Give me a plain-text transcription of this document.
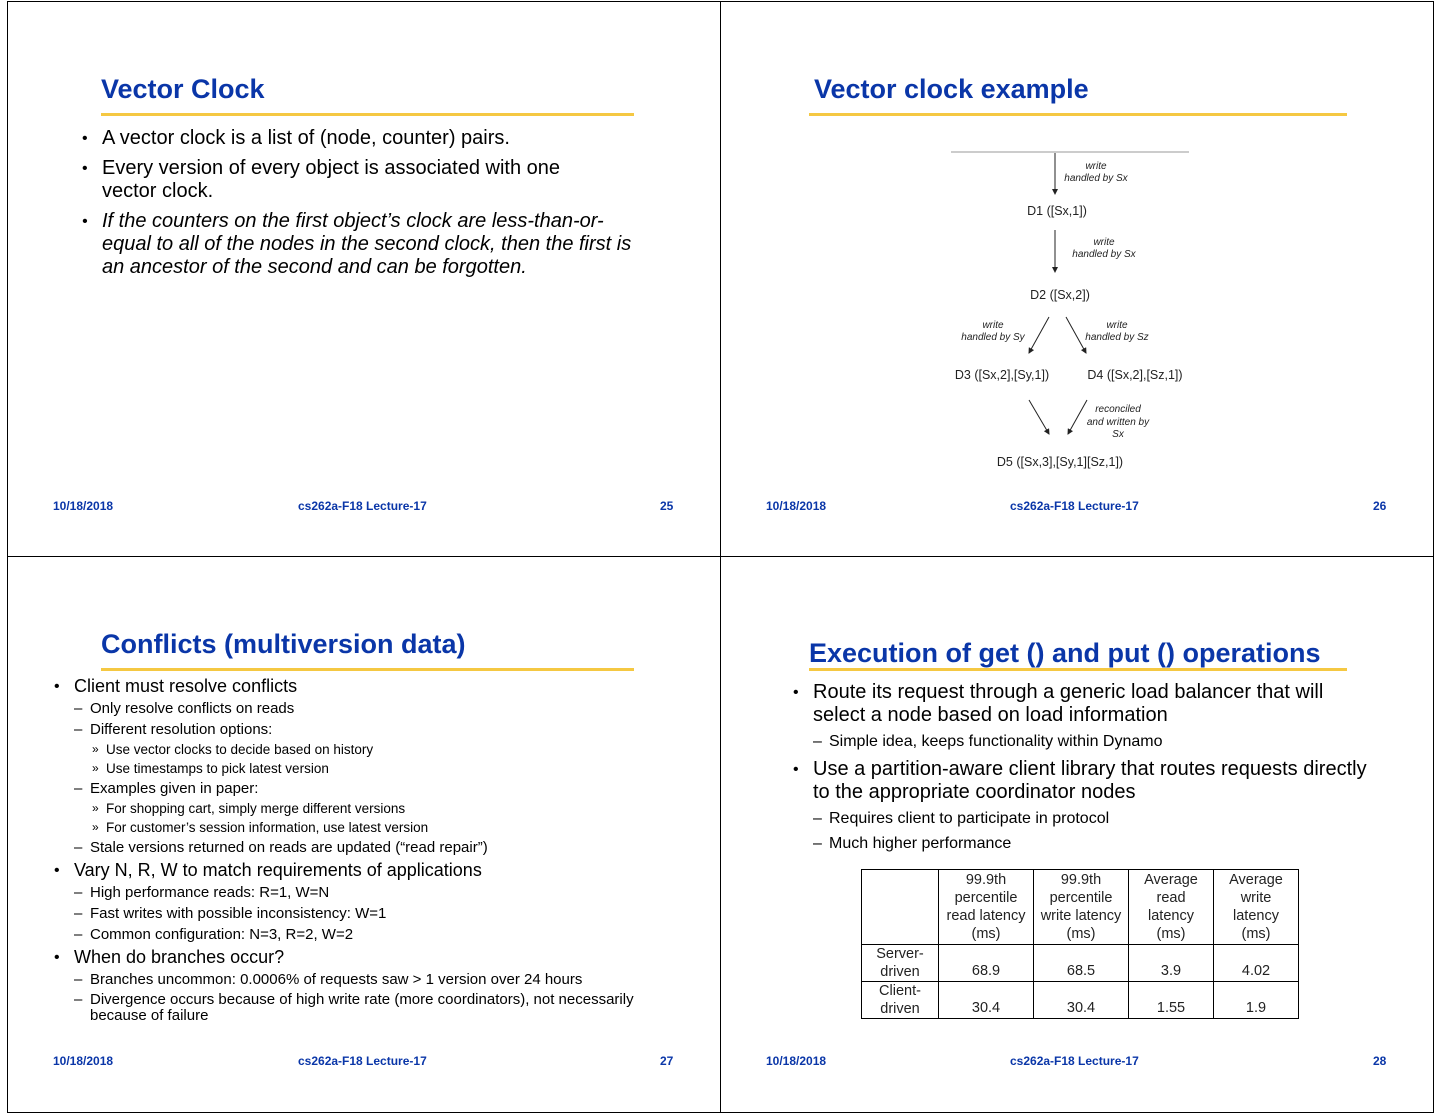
Vector Clock
• A vector clock is a list of (node, counter) pairs.
• Every version of every object is associated with one vector clock.
• If the counters on the first object’s clock are less-than-or-equal to all of the nodes in the second clock, then the first is an ancestor of the second and can be forgotten.
10/18/2018	cs262a-F18 Lecture-17	25
Vector clock example
write
handled by Sx
D1 ([Sx,1])
write
handled by Sx
D2 ([Sx,2])
write
handled by Sy
write
handled by Sz
D3 ([Sx,2],[Sy,1])	D4 ([Sx,2],[Sz,1])
reconciled
and written by
Sx
D5 ([Sx,3],[Sy,1][Sz,1])
10/18/2018	cs262a-F18 Lecture-17	26
Conflicts (multiversion data)
• Client must resolve conflicts
– Only resolve conflicts on reads
– Different resolution options:
» Use vector clocks to decide based on history
» Use timestamps to pick latest version
– Examples given in paper:
» For shopping cart, simply merge different versions
» For customer’s session information, use latest version
– Stale versions returned on reads are updated (“read repair”)
• Vary N, R, W to match requirements of applications
– High performance reads: R=1, W=N
– Fast writes with possible inconsistency: W=1
– Common configuration: N=3, R=2, W=2
• When do branches occur?
– Branches uncommon: 0.0006% of requests saw > 1 version over 24 hours
– Divergence occurs because of high write rate (more coordinators), not necessarily because of failure
10/18/2018	cs262a-F18 Lecture-17	27
Execution of get () and put () operations
• Route its request through a generic load balancer that will select a node based on load information
– Simple idea, keeps functionality within Dynamo
• Use a partition-aware client library that routes requests directly to the appropriate coordinator nodes
– Requires client to participate in protocol
– Much higher performance
	99.9th percentile read latency (ms)	99.9th percentile write latency (ms)	Average read latency (ms)	Average write latency (ms)
Server-driven	68.9	68.5	3.9	4.02
Client-driven	30.4	30.4	1.55	1.9
10/18/2018	cs262a-F18 Lecture-17	28
